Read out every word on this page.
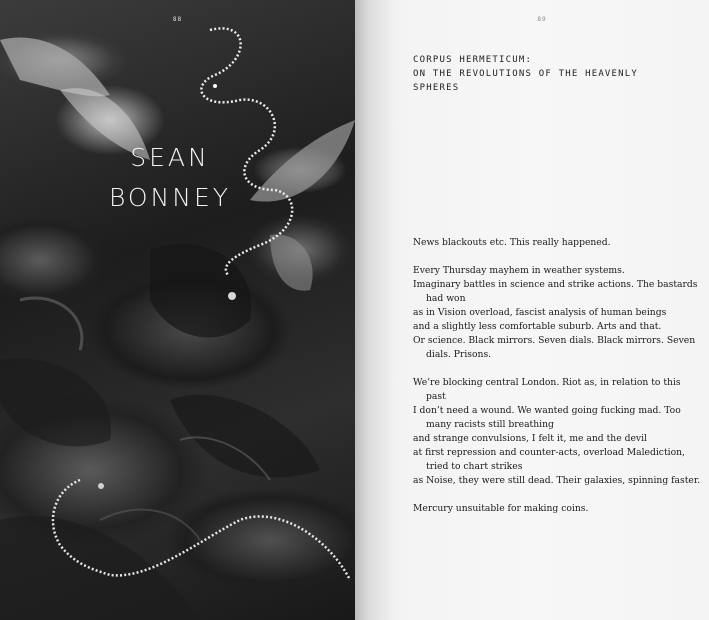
88
SEAN
BONNEY
89
CORPUS HERMETICUM:
ON THE REVOLUTIONS OF THE HEAVENLY
SPHERES
News blackouts etc. This really happened.
Every Thursday mayhem in weather systems.
Imaginary battles in science and strike actions. The bastards had won
as in Vision overload, fascist analysis of human beings
and a slightly less comfortable suburb. Arts and that.
Or science. Black mirrors. Seven dials. Black mirrors. Seven dials. Prisons.
We’re blocking central London. Riot as, in relation to this past
I don’t need a wound. We wanted going fucking mad. Too many racists still breathing
and strange convulsions, I felt it, me and the devil
at first repression and counter-acts, overload Malediction, tried to chart strikes
as Noise, they were still dead. Their galaxies, spinning faster.
Mercury unsuitable for making coins.
